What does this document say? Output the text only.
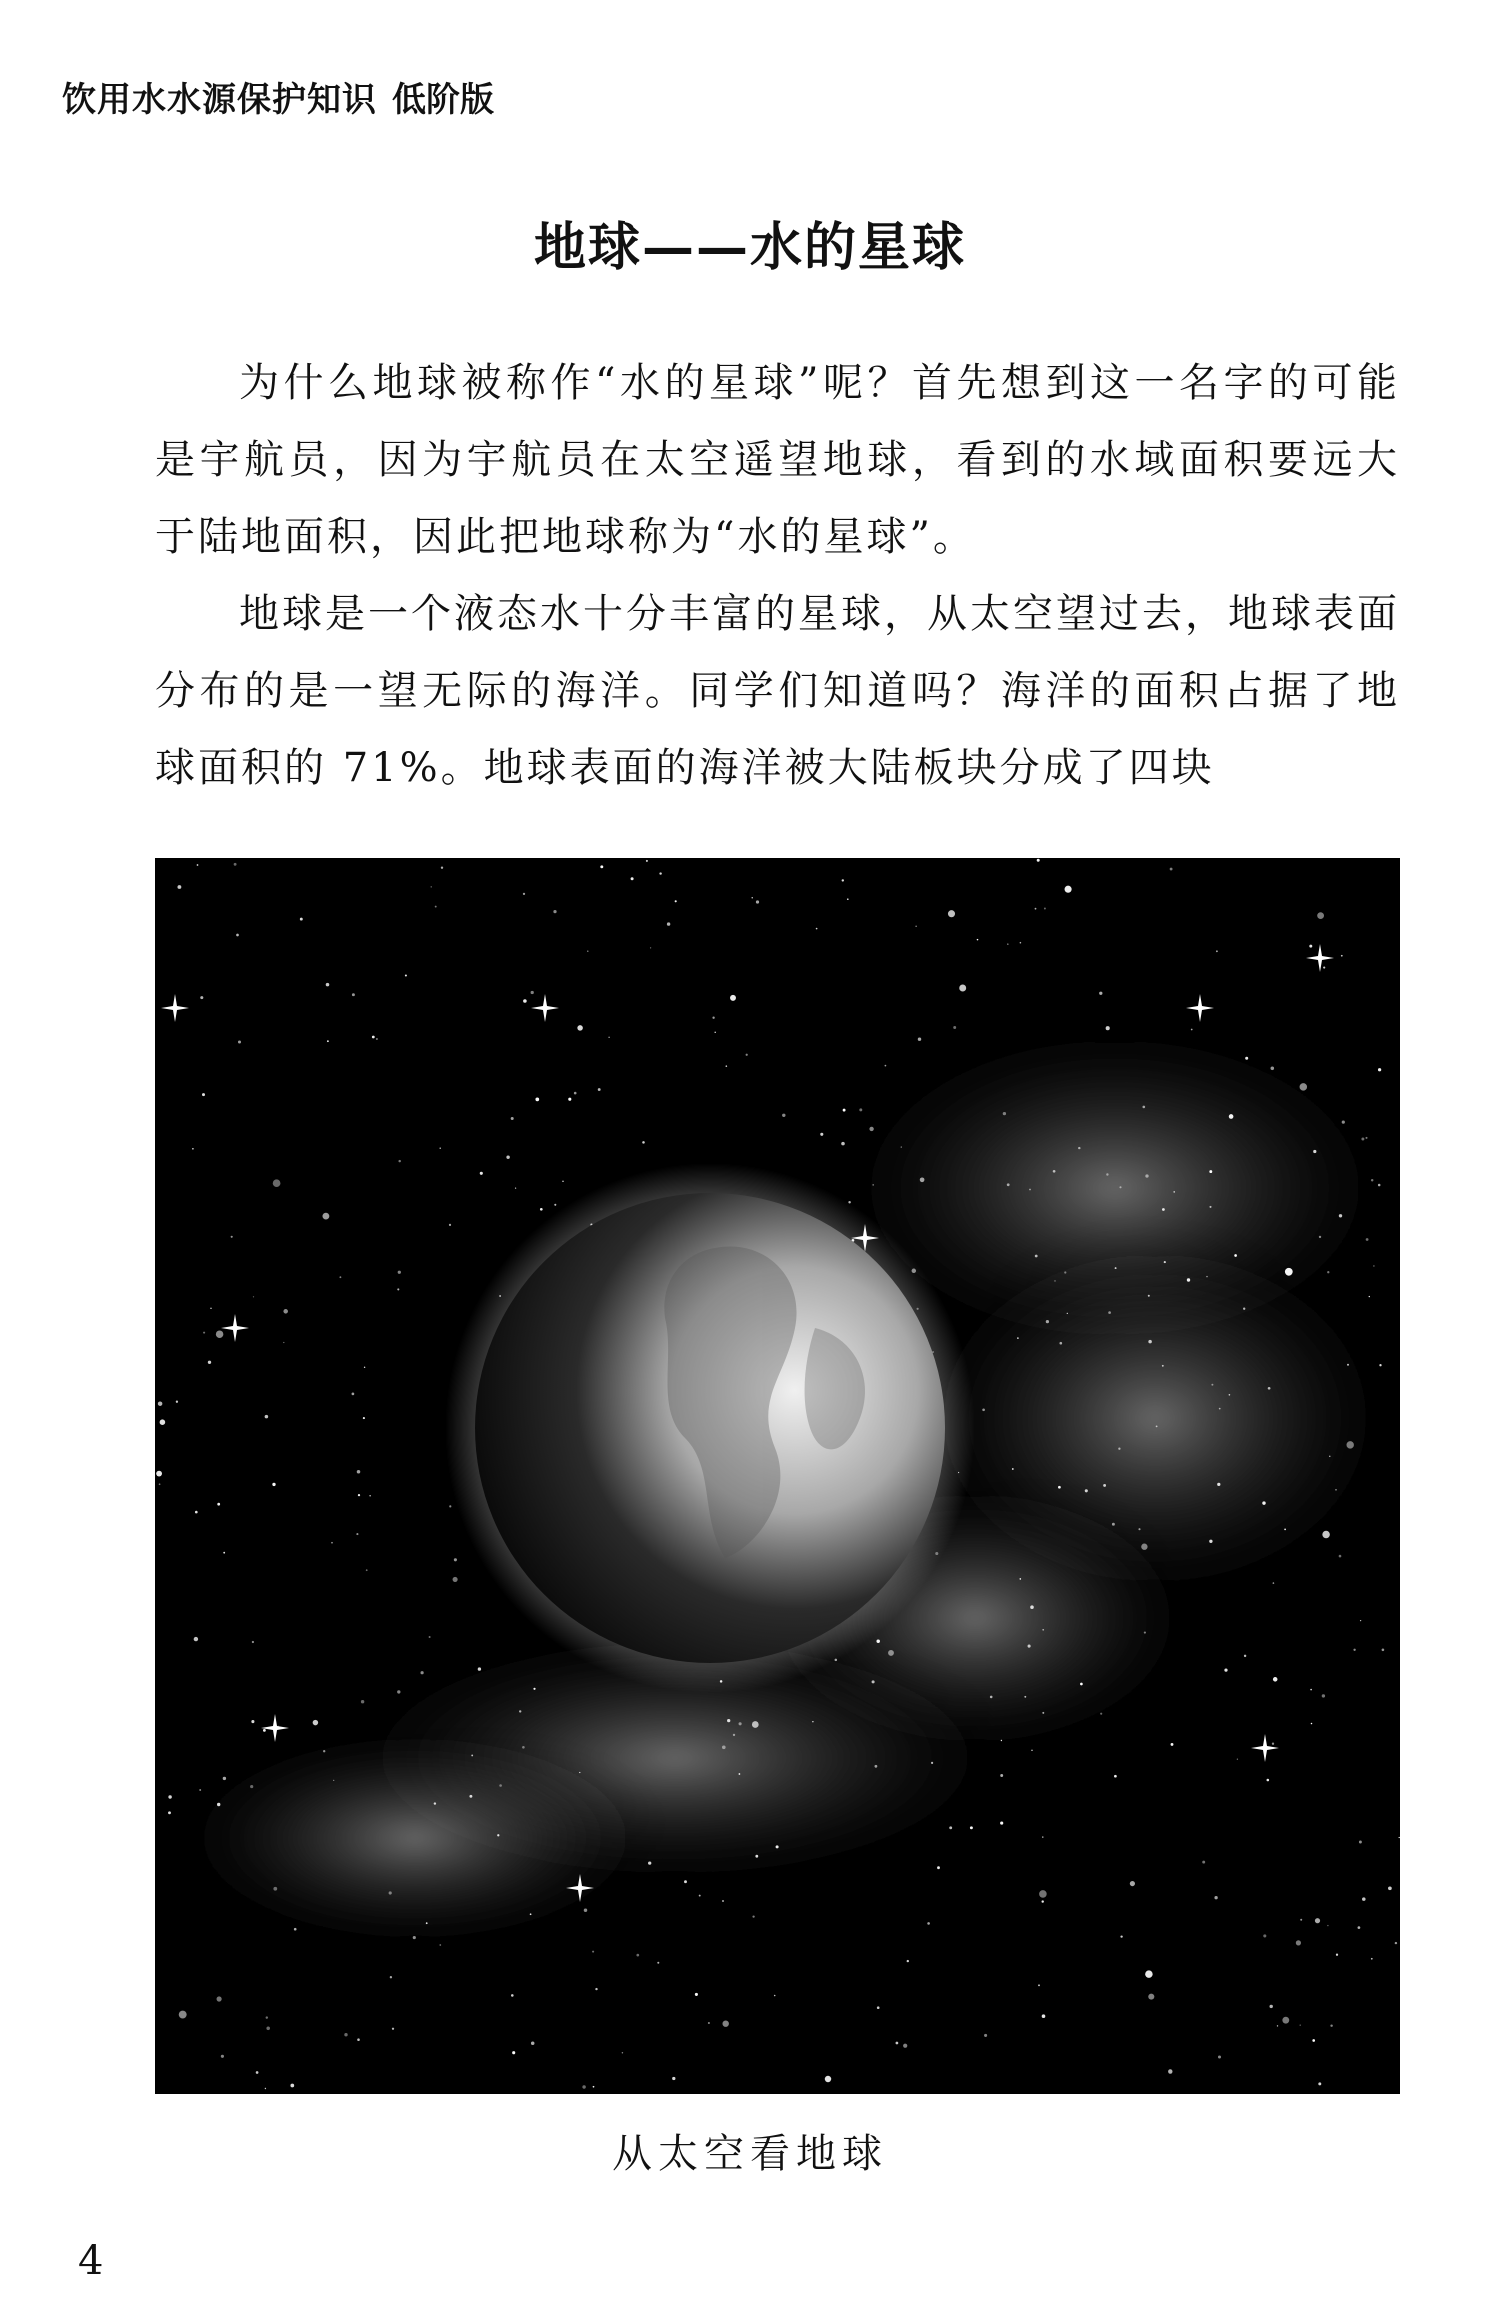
饮用水水源保护知识 低阶版
地球——水的星球

为什么地球被称作“水的星球”呢？首先想到这一名字的可能是宇航员，因为宇航员在太空遥望地球，看到的水域面积要远大于陆地面积，因此把地球称为“水的星球”。

地球是一个液态水十分丰富的星球，从太空望过去，地球表面分布的是一望无际的海洋。同学们知道吗？海洋的面积占据了地球面积的 71%。地球表面的海洋被大陆板块分成了四块

从太空看地球
4
